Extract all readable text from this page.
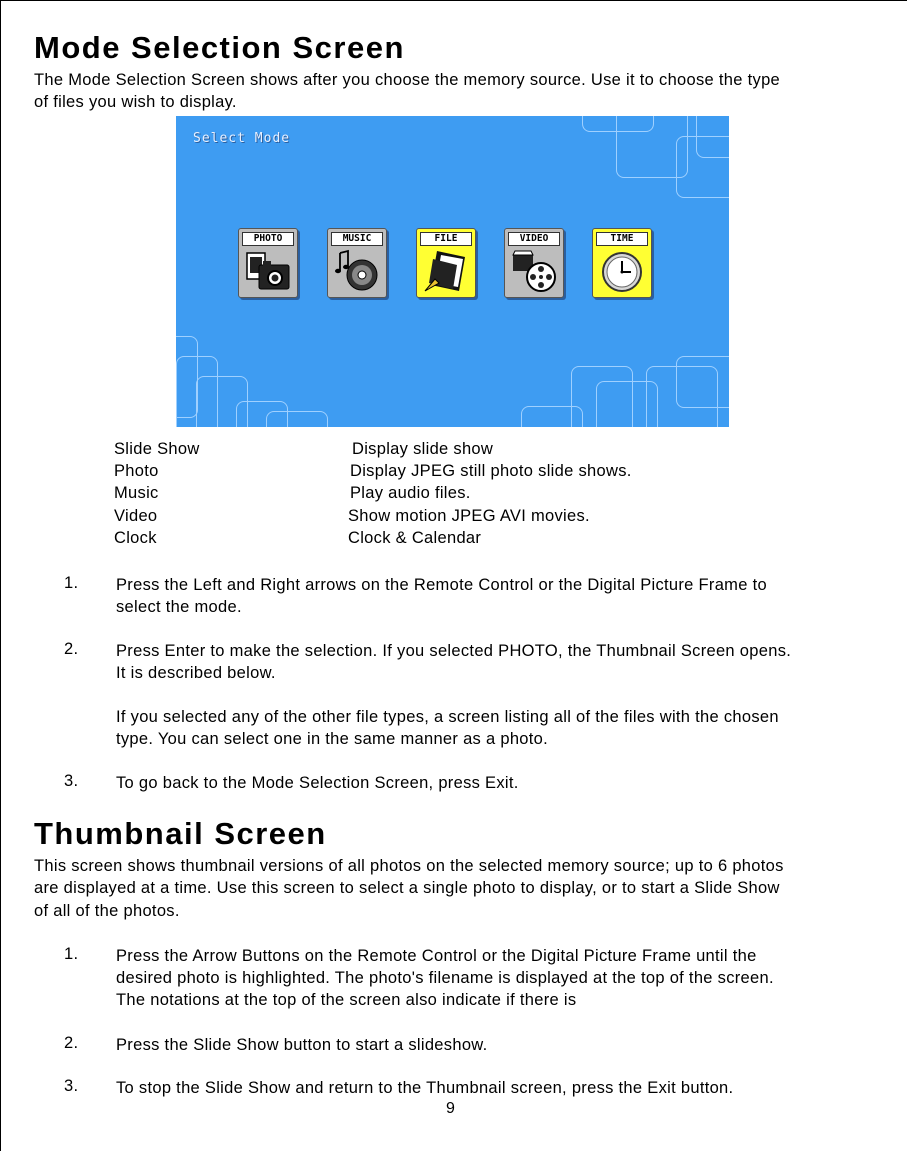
Mode Selection Screen

The Mode Selection Screen shows after you choose the memory source. Use it to choose the type

of files you wish to display.

Select Mode
PHOTO	MUSIC	FILE	VIDEO	TIME
Slide Show	Display slide show
Photo	Display JPEG still photo slide shows.
Music	Play audio files.
Video	Show motion JPEG AVI movies.
Clock	Clock & Calendar
1. Press the Left and Right arrows on the Remote Control or the Digital Picture Frame to
select the mode.
2. Press Enter to make the selection. If you selected PHOTO, the Thumbnail Screen opens.
It is described below.
If you selected any of the other file types, a screen listing all of the files with the chosen
type. You can select one in the same manner as a photo.
3. To go back to the Mode Selection Screen, press Exit.
Thumbnail Screen

This screen shows thumbnail versions of all photos on the selected memory source; up to 6 photos

are displayed at a time. Use this screen to select a single photo to display, or to start a Slide Show

of all of the photos.

1. Press the Arrow Buttons on the Remote Control or the Digital Picture Frame until the
desired photo is highlighted. The photo's filename is displayed at the top of the screen.
The notations at the top of the screen also indicate if there is
2. Press the Slide Show button to start a slideshow.
3. To stop the Slide Show and return to the Thumbnail screen, press the Exit button.
9
